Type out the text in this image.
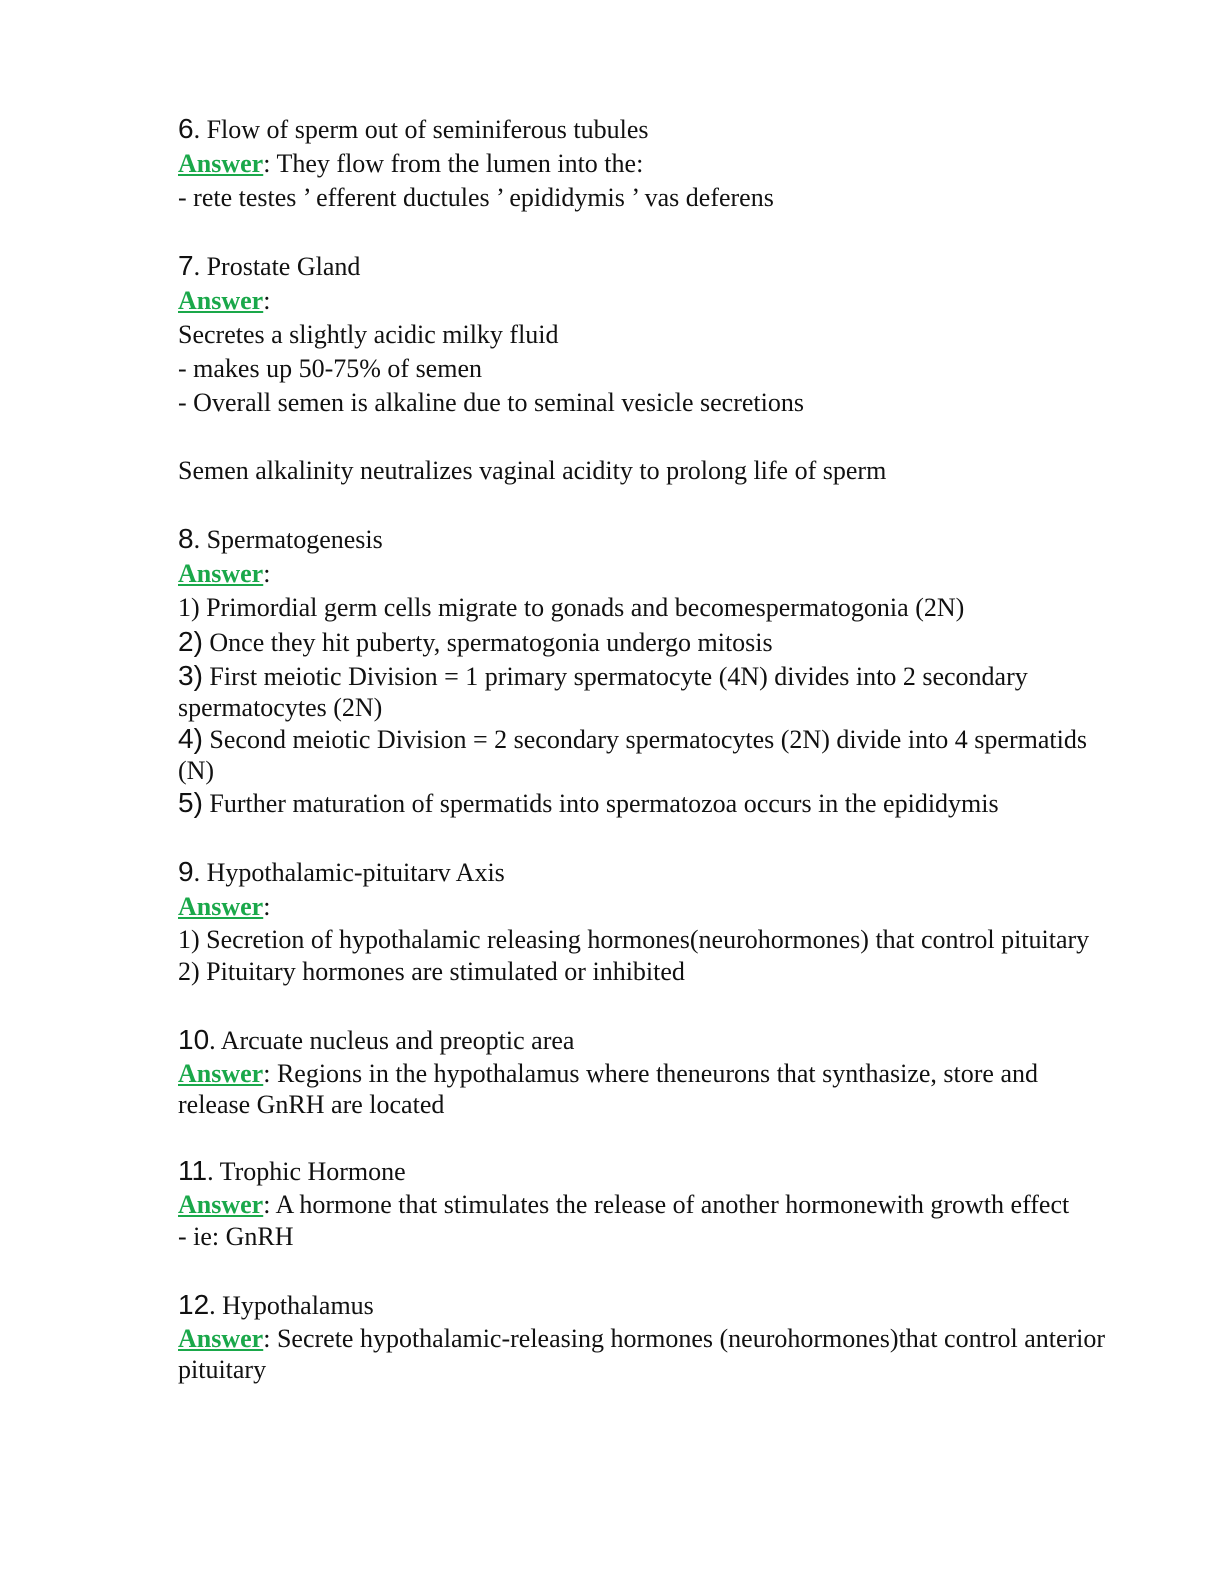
6. Flow of sperm out of seminiferous tubules
Answer: They flow from the lumen into the:
- rete testes ’ efferent ductules ’ epididymis ’ vas deferens
7. Prostate Gland
Answer:
Secretes a slightly acidic milky fluid
- makes up 50-75% of semen
- Overall semen is alkaline due to seminal vesicle secretions
Semen alkalinity neutralizes vaginal acidity to prolong life of sperm
8. Spermatogenesis
Answer:
1) Primordial germ cells migrate to gonads and becomespermatogonia (2N)
2) Once they hit puberty, spermatogonia undergo mitosis
3) First meiotic Division = 1 primary spermatocyte (4N) divides into 2 secondary spermatocytes (2N)
4) Second meiotic Division = 2 secondary spermatocytes (2N) divide into 4 spermatids (N)
5) Further maturation of spermatids into spermatozoa occurs in the epididymis
9. Hypothalamic-pituitarv Axis
Answer:
1) Secretion of hypothalamic releasing hormones(neurohormones) that control pituitary
2) Pituitary hormones are stimulated or inhibited
10. Arcuate nucleus and preoptic area
Answer: Regions in the hypothalamus where theneurons that synthasize, store and release GnRH are located
11. Trophic Hormone
Answer: A hormone that stimulates the release of another hormonewith growth effect
- ie: GnRH
12. Hypothalamus
Answer: Secrete hypothalamic-releasing hormones (neurohormones)that control anterior pituitary
